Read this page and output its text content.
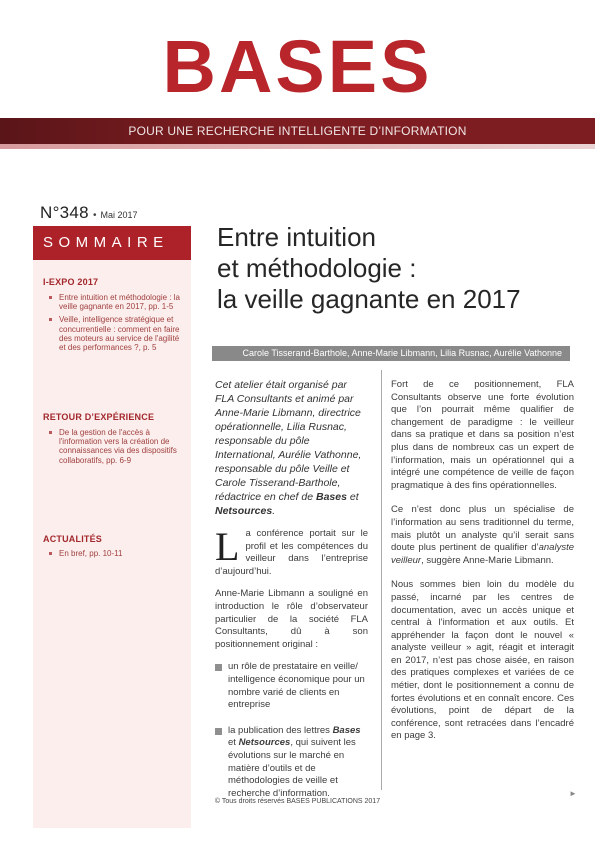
BASES
POUR UNE RECHERCHE INTELLIGENTE D’INFORMATION
N°348 • Mai 2017
SOMMAIRE
I-EXPO 2017
Entre intuition et méthodologie : la veille gagnante en 2017, pp. 1-5
Veille, intelligence stratégique et concurrentielle : comment en faire des moteurs au service de l'agilité et des performances ?, p. 5
RETOUR D’EXPÉRIENCE
De la gestion de l'accès à l'information vers la création de connaissances via des dispositifs collaboratifs, pp. 6-9
ACTUALITÉS
En bref, pp. 10-11
Entre intuition
et méthodologie :
la veille gagnante en 2017
Carole Tisserand-Barthole, Anne-Marie Libmann, Lilia Rusnac, Aurélie Vathonne
Cet atelier était organisé par FLA Consultants et animé par Anne-Marie Libmann, directrice opérationnelle, Lilia Rusnac, responsable du pôle International, Aurélie Vathonne, responsable du pôle Veille et Carole Tisserand-Barthole, rédactrice en chef de Bases et Netsources.

La conférence portait sur le profil et les compétences du veilleur dans l’entreprise d’aujourd’hui.

Anne-Marie Libmann a souligné en introduction le rôle d’observateur particulier de la société FLA Consultants, dû à son positionnement original :

un rôle de prestataire en veille/ intelligence économique pour un nombre varié de clients en entreprise
la publication des lettres Bases et Netsources, qui suivent les évolutions sur le marché en matière d’outils et de méthodologies de veille et recherche d’information.

Fort de ce positionnement, FLA Consultants observe une forte évolution que l’on pourrait même qualifier de changement de paradigme : le veilleur dans sa pratique et dans sa position n’est plus dans de nombreux cas un expert de l’information, mais un opérationnel qui a intégré une compétence de veille de façon pragmatique à des fins opérationnelles.

Ce n’est donc plus un spécialise de l’information au sens traditionnel du terme, mais plutôt un analyste qu’il serait sans doute plus pertinent de qualifier d’analyste veilleur, suggère Anne-Marie Libmann.

Nous sommes bien loin du modèle du passé, incarné par les centres de documentation, avec un accès unique et central à l’information et aux outils. Et appréhender la façon dont le nouvel « analyste veilleur » agit, réagit et interagit en 2017, n’est pas chose aisée, en raison des pratiques complexes et variées de ce métier, dont le positionnement a connu de fortes évolutions et en connaît encore. Ces évolutions, point de départ de la conférence, sont retracées dans l’encadré en page 3.

© Tous droits réservés BASES PUBLICATIONS 2017
►
